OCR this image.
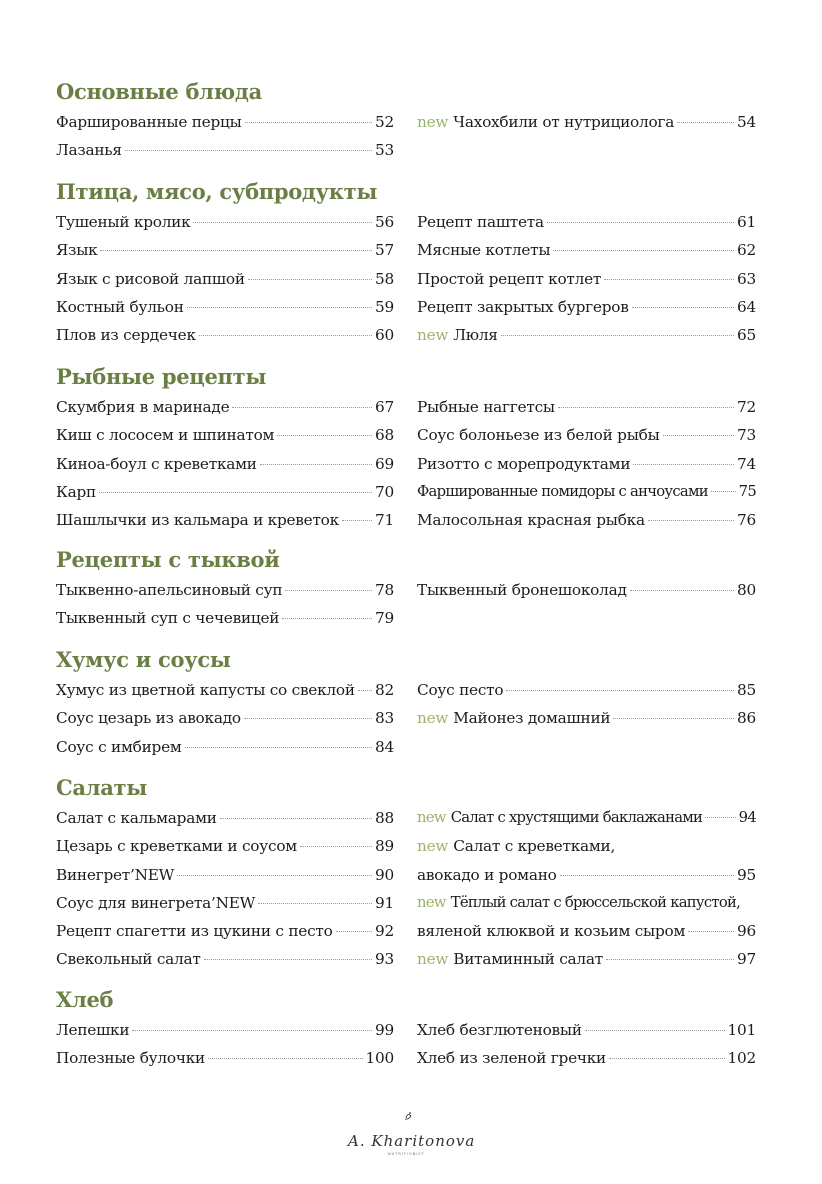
Основные блюда
Фаршированные перцы	52
Лазанья	53
new Чахохбили от нутрициолога	54
Птица, мясо, субпродукты
Тушеный кролик	56
Язык	57
Язык с рисовой лапшой	58
Костный бульон	59
Плов из сердечек	60
Рецепт паштета	61
Мясные котлеты	62
Простой рецепт котлет	63
Рецепт закрытых бургеров	64
new Люля	65
Рыбные рецепты
Скумбрия в маринаде	67
Киш с лососем и шпинатом	68
Киноа-боул с креветками	69
Карп	70
Шашлычки из кальмара и креветок 71
Рыбные наггетсы	72
Соус болоньезе из белой рыбы	73
Ризотто с морепродуктами	74
Фаршированные помидоры с анчоусами 75
Малосольная красная рыбка	76
Рецепты с тыквой
Тыквенно-апельсиновый суп	78
Тыквенный суп с чечевицей	79
Тыквенный бронешоколад	80
Хумус и соусы
Хумус из цветной капусты со свеклой 82
Соус цезарь из авокадо	83
Соус с имбирем	84
Соус песто	85
new Майонез домашний	86
Салаты
Салат с кальмарами	88
Цезарь с креветками и соусом	89
Винегрет’NEW	90
Соус для винегрета’NEW	91
Рецепт спагетти из цукини с песто	92
Свекольный салат	93
new Салат с хрустящими баклажанами 94
new Салат с креветками,
авокадо и романо	95
new Тёплый салат с брюссельской капустой,
вяленой клюквой и козьим сыром	96
new Витаминный салат	97
Хлеб
Лепешки	99
Полезные булочки	100
Хлеб безглютеновый	101
Хлеб из зеленой гречки	102
A. Kharitonova
NUTRITIONIST
